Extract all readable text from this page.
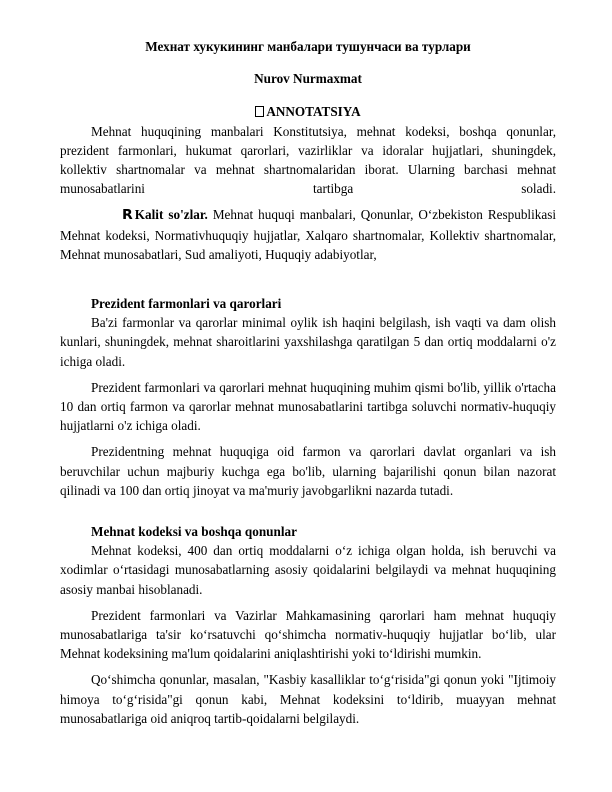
Мехнат хукукининг манбалари тушунчаси ва турлари
Nurov Nurmaxmat
ANNOTATSIYA

Mehnat huquqining manbalari Konstitutsiya, mehnat kodeksi, boshqa qonunlar, prezident farmonlari, hukumat qarorlari, vazirliklar va idoralar hujjatlari, shuningdek, kollektiv shartnomalar va mehnat shartnomalaridan iborat. Ularning barchasi mehnat munosabatlarini tartibga soladi.

𝗥 Kalit so'zlar. Mehnat huquqi manbalari, Qonunlar, O‘zbekiston Respublikasi Mehnat kodeksi, Normativhuquqiy hujjatlar, Xalqaro shartnomalar, Kollektiv shartnomalar, Mehnat munosabatlari, Sud amaliyoti, Huquqiy adabiyotlar,

Prezident farmonlari va qarorlari

Ba'zi farmonlar va qarorlar minimal oylik ish haqini belgilash, ish vaqti va dam olish kunlari, shuningdek, mehnat sharoitlarini yaxshilashga qaratilgan 5 dan ortiq moddalarni o'z ichiga oladi.

Prezident farmonlari va qarorlari mehnat huquqining muhim qismi bo'lib, yillik o'rtacha 10 dan ortiq farmon va qarorlar mehnat munosabatlarini tartibga soluvchi normativ-huquqiy hujjatlarni o'z ichiga oladi.

Prezidentning mehnat huquqiga oid farmon va qarorlari davlat organlari va ish beruvchilar uchun majburiy kuchga ega bo'lib, ularning bajarilishi qonun bilan nazorat qilinadi va 100 dan ortiq jinoyat va ma'muriy javobgarlikni nazarda tutadi.

Mehnat kodeksi va boshqa qonunlar

Mehnat kodeksi, 400 dan ortiq moddalarni o‘z ichiga olgan holda, ish beruvchi va xodimlar o‘rtasidagi munosabatlarning asosiy qoidalarini belgilaydi va mehnat huquqining asosiy manbai hisoblanadi.

Prezident farmonlari va Vazirlar Mahkamasining qarorlari ham mehnat huquqiy munosabatlariga ta'sir ko‘rsatuvchi qo‘shimcha normativ-huquqiy hujjatlar bo‘lib, ular Mehnat kodeksining ma'lum qoidalarini aniqlashtirishi yoki to‘ldirishi mumkin.

Qo‘shimcha qonunlar, masalan, "Kasbiy kasalliklar to‘g‘risida"gi qonun yoki "Ijtimoiy himoya to‘g‘risida"gi qonun kabi, Mehnat kodeksini to‘ldirib, muayyan mehnat munosabatlariga oid aniqroq tartib-qoidalarni belgilaydi.
